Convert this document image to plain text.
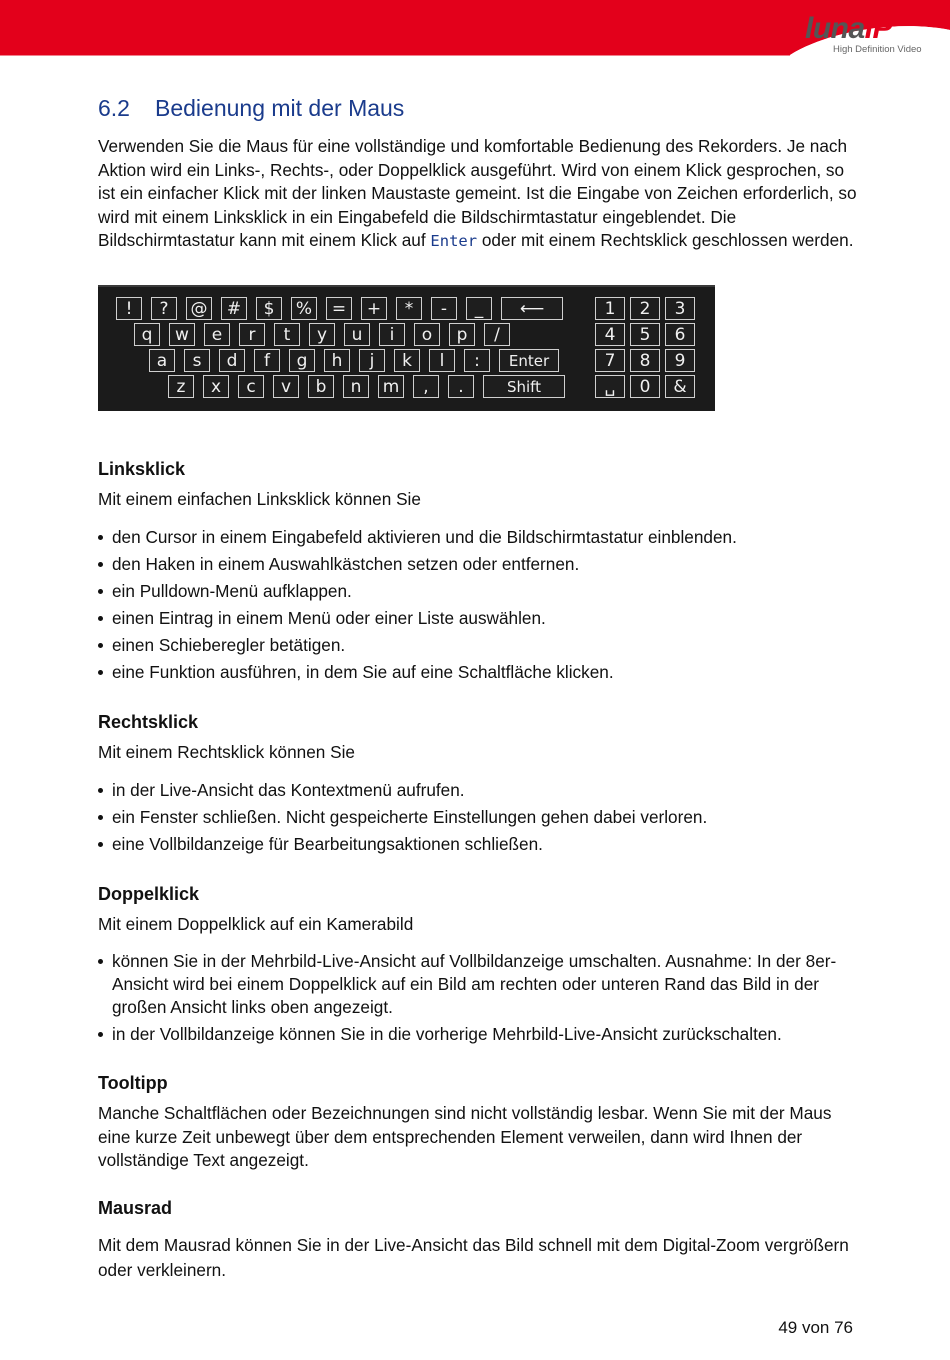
lunaIP
High Definition Video
6.2 Bedienung mit der Maus
Verwenden Sie die Maus für eine vollständige und komfortable Bedienung des Rekorders. Je nach Aktion wird ein Links-, Rechts-, oder Doppelklick ausgeführt. Wird von einem Klick gesprochen, so ist ein einfacher Klick mit der linken Maustaste gemeint. Ist die Eingabe von Zeichen erforderlich, so wird mit einem Linksklick in ein Eingabefeld die Bildschirmtastatur eingeblendet. Die Bildschirmtastatur kann mit einem Klick auf Enter oder mit einem Rechtsklick geschlossen werden.
!	?	@	#	$	%	=	+	*	-	_	⟵
q	w	e	r	t	y	u	i	o	p	/
a	s	d	f	g	h	j	k	l	:	Enter
z	x	c	v	b	n	m	,	.	Shift
1	2	3
4	5	6
7	8	9
␣	0	&
Linksklick
Mit einem einfachen Linksklick können Sie
den Cursor in einem Eingabefeld aktivieren und die Bildschirmtastatur einblenden.
den Haken in einem Auswahlkästchen setzen oder entfernen.
ein Pulldown-Menü aufklappen.
einen Eintrag in einem Menü oder einer Liste auswählen.
einen Schieberegler betätigen.
eine Funktion ausführen, in dem Sie auf eine Schaltfläche klicken.
Rechtsklick
Mit einem Rechtsklick können Sie
in der Live-Ansicht das Kontextmenü aufrufen.
ein Fenster schließen. Nicht gespeicherte Einstellungen gehen dabei verloren.
eine Vollbildanzeige für Bearbeitungsaktionen schließen.
Doppelklick
Mit einem Doppelklick auf ein Kamerabild
können Sie in der Mehrbild-Live-Ansicht auf Vollbildanzeige umschalten. Ausnahme: In der 8er-Ansicht wird bei einem Doppelklick auf ein Bild am rechten oder unteren Rand das Bild in der großen Ansicht links oben angezeigt.
in der Vollbildanzeige können Sie in die vorherige Mehrbild-Live-Ansicht zurückschalten.
Tooltipp
Manche Schaltflächen oder Bezeichnungen sind nicht vollständig lesbar. Wenn Sie mit der Maus eine kurze Zeit unbewegt über dem entsprechenden Element verweilen, dann wird Ihnen der vollständige Text angezeigt.
Mausrad
Mit dem Mausrad können Sie in der Live-Ansicht das Bild schnell mit dem Digital-Zoom vergrößern oder verkleinern.
49 von 76
